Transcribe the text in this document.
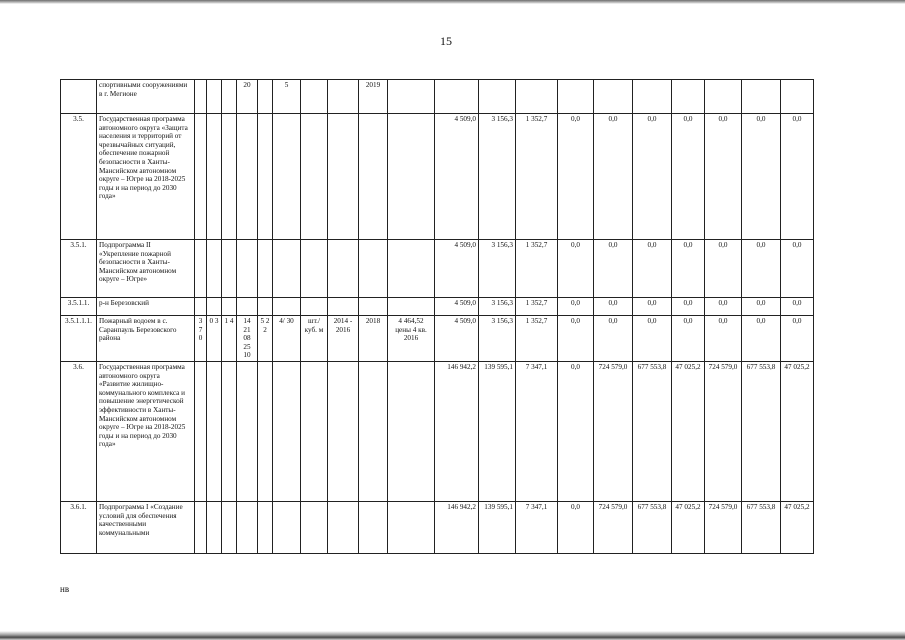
15
	спортивными сооружениями в г. Мегионе				20		5			2019											
3.5.	Государственная программа автономного округа «Защита населения и территорий от чрезвычайных ситуаций, обеспечение пожарной безопасности в Ханты-Мансийском автономном округе – Югре на 2018-2025 годы и на период до 2030 года»											4 509,0	3 156,3	1 352,7	0,0	0,0	0,0	0,0	0,0	0,0	0,0
3.5.1.	Подпрограмма II «Укрепление пожарной безопасности в Ханты-Мансийском автономном округе – Югре»											4 509,0	3 156,3	1 352,7	0,0	0,0	0,0	0,0	0,0	0,0	0,0
3.5.1.1.	р-н Березовский											4 509,0	3 156,3	1 352,7	0,0	0,0	0,0	0,0	0,0	0,0	0,0
3.5.1.1.1.	Пожарный водоем в с. Саранпауль Березовского района	3 7 0	0 3	1 4	14 21 08 25 10	5 2 2	4/ 30	шт./ куб. м	2014 - 2016	2018	4 464,52 цены 4 кв. 2016	4 509,0	3 156,3	1 352,7	0,0	0,0	0,0	0,0	0,0	0,0	0,0
3.6.	Государственная программа автономного округа «Развитие жилищно-коммунального комплекса и повышение энергетической эффективности в Ханты-Мансийском автономном округе – Югре на 2018-2025 годы и на период до 2030 года»											146 942,2	139 595,1	7 347,1	0,0	724 579,0	677 553,8	47 025,2	724 579,0	677 553,8	47 025,2
3.6.1.	Подпрограмма I «Создание условий для обеспечения качественными коммунальными											146 942,2	139 595,1	7 347,1	0,0	724 579,0	677 553,8	47 025,2	724 579,0	677 553,8	47 025,2
нв
